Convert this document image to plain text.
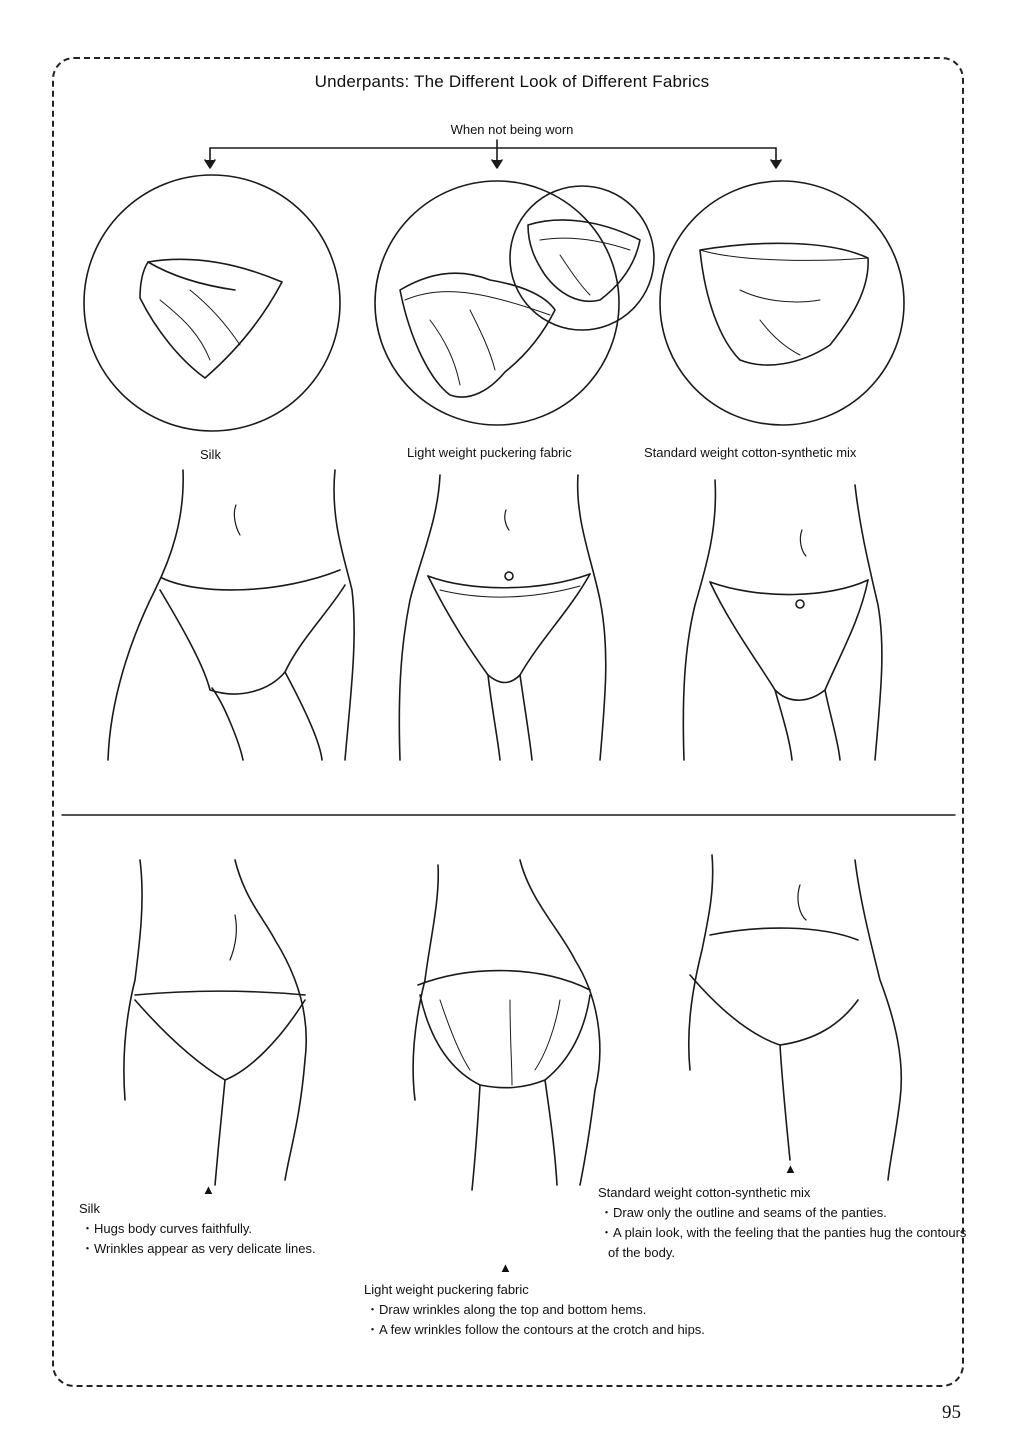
Underpants: The Different Look of Different Fabrics
When not being worn
Silk	Light weight puckering fabric	Standard weight cotton-synthetic mix
▲
▲
▲
Silk
・Hugs body curves faithfully.
・Wrinkles appear as very delicate lines.
Light weight puckering fabric
・Draw wrinkles along the top and bottom hems.
・A few wrinkles follow the contours at the crotch and hips.
Standard weight cotton-synthetic mix
・Draw only the outline and seams of the panties.
・A plain look, with the feeling that the panties hug the contours of the body.
95
